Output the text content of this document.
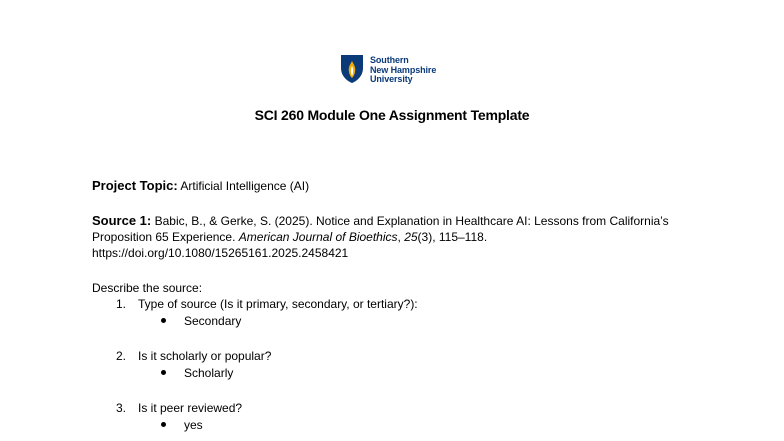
Southern
New Hampshire
University
SCI 260 Module One Assignment Template
Project Topic: Artificial Intelligence (AI)
Source 1: Babic, B., & Gerke, S. (2025). Notice and Explanation in Healthcare AI: Lessons from California’s
Proposition 65 Experience. American Journal of Bioethics, 25(3), 115–118.
https://doi.org/10.1080/15265161.2025.2458421
Describe the source:
1. Type of source (Is it primary, secondary, or tertiary?):
Secondary
2. Is it scholarly or popular?
Scholarly
3. Is it peer reviewed?
yes
